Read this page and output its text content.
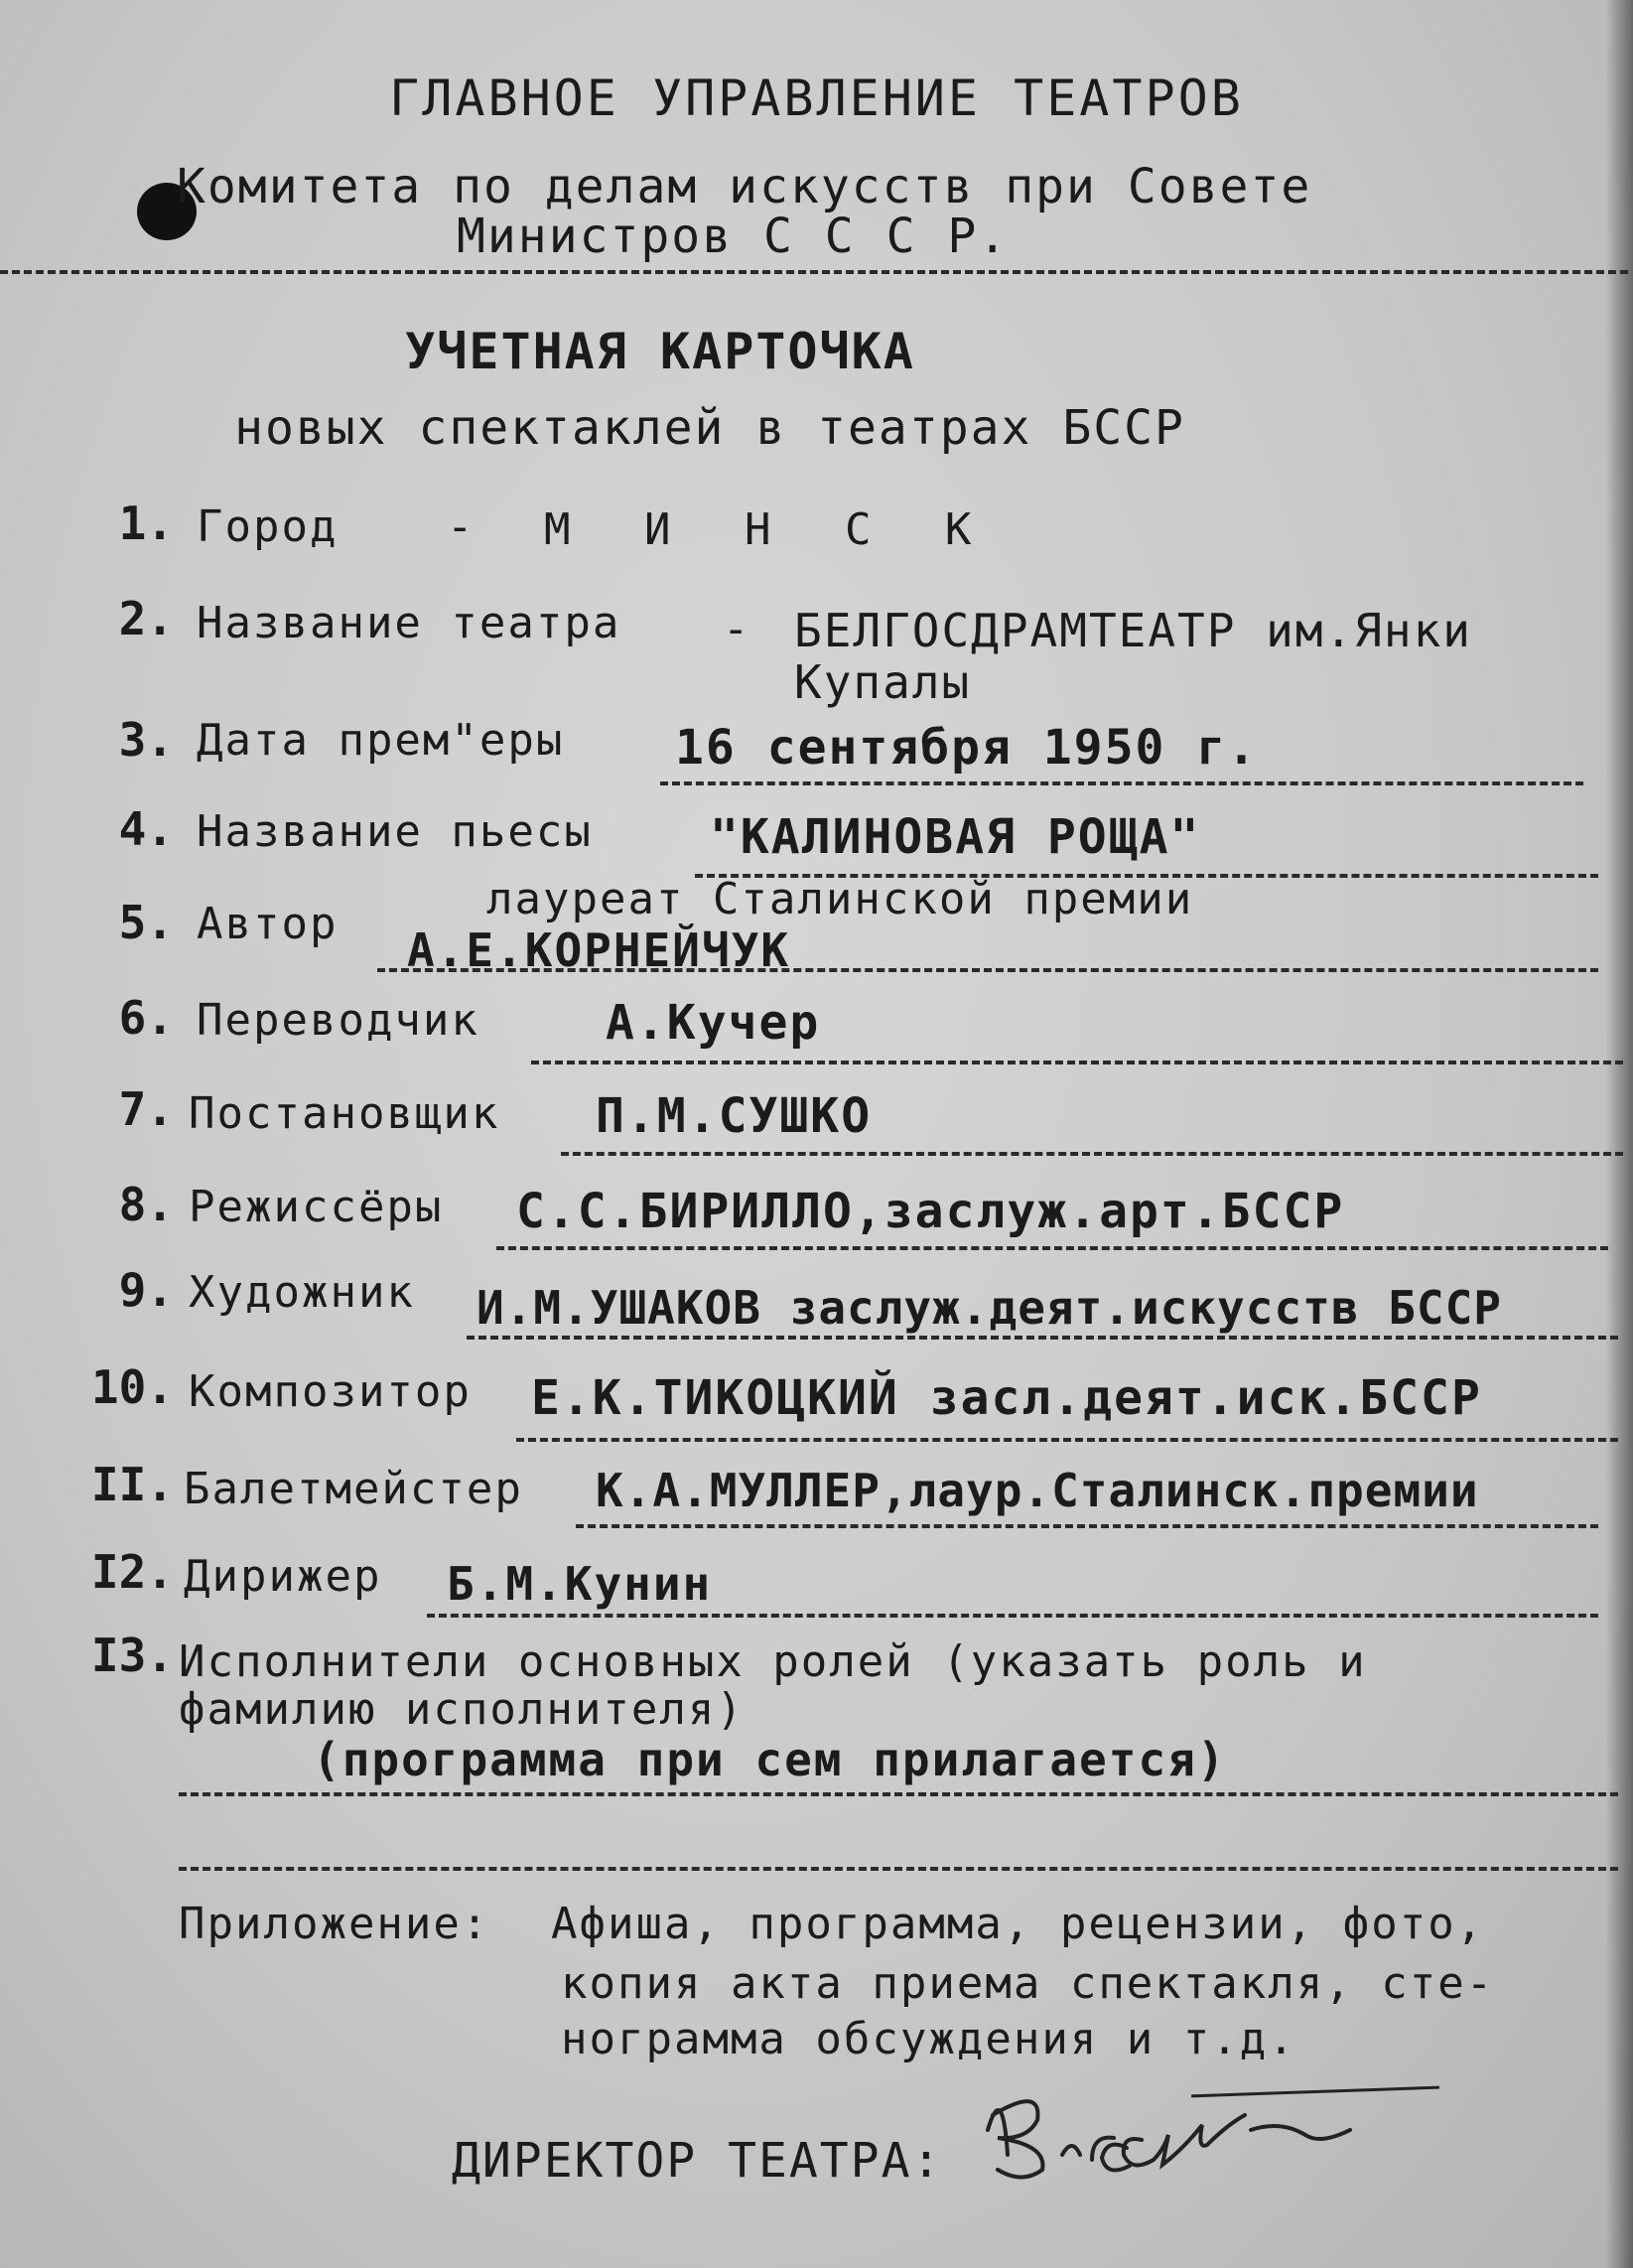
ГЛАВНОЕ УПРАВЛЕНИЕ ТЕАТРОВ
Комитета по делам искусств при Совете
Министров С С С Р.
УЧЕТНАЯ КАРТОЧКА
новых спектаклей в театрах БССР
1. Город - М И Н С К
2. Название театра - БЕЛГОСДРАМТЕАТР им.Янки
Купалы
3. Дата прем"еры 16 сентября 1950 г.
4. Название пьесы "КАЛИНОВАЯ РОЩА"
лауреат Сталинской премии
5. Автор А.Е.КОРНЕЙЧУК
6. Переводчик	А.Кучер
7. Постановщик П.М.СУШКО
8. Режиссёры С.С.БИРИЛЛО,заслуж.арт.БССР
9. Художник И.М.УШАКОВ заслуж.деят.искусств БССР
10. Композитор Е.К.ТИКОЦКИЙ засл.деят.иск.БССР
II. Балетмейстер К.А.МУЛЛЕР,лаур.Сталинск.премии
I2. Дирижер Б.М.Кунин
I3. Исполнители основных ролей (указать роль и
фамилию исполнителя)
(программа при сем прилагается)
Приложение: Афиша, программа, рецензии, фото,
копия акта приема спектакля, сте-
нограмма обсуждения и т.д.
ДИРЕКТОР ТЕАТРА:
